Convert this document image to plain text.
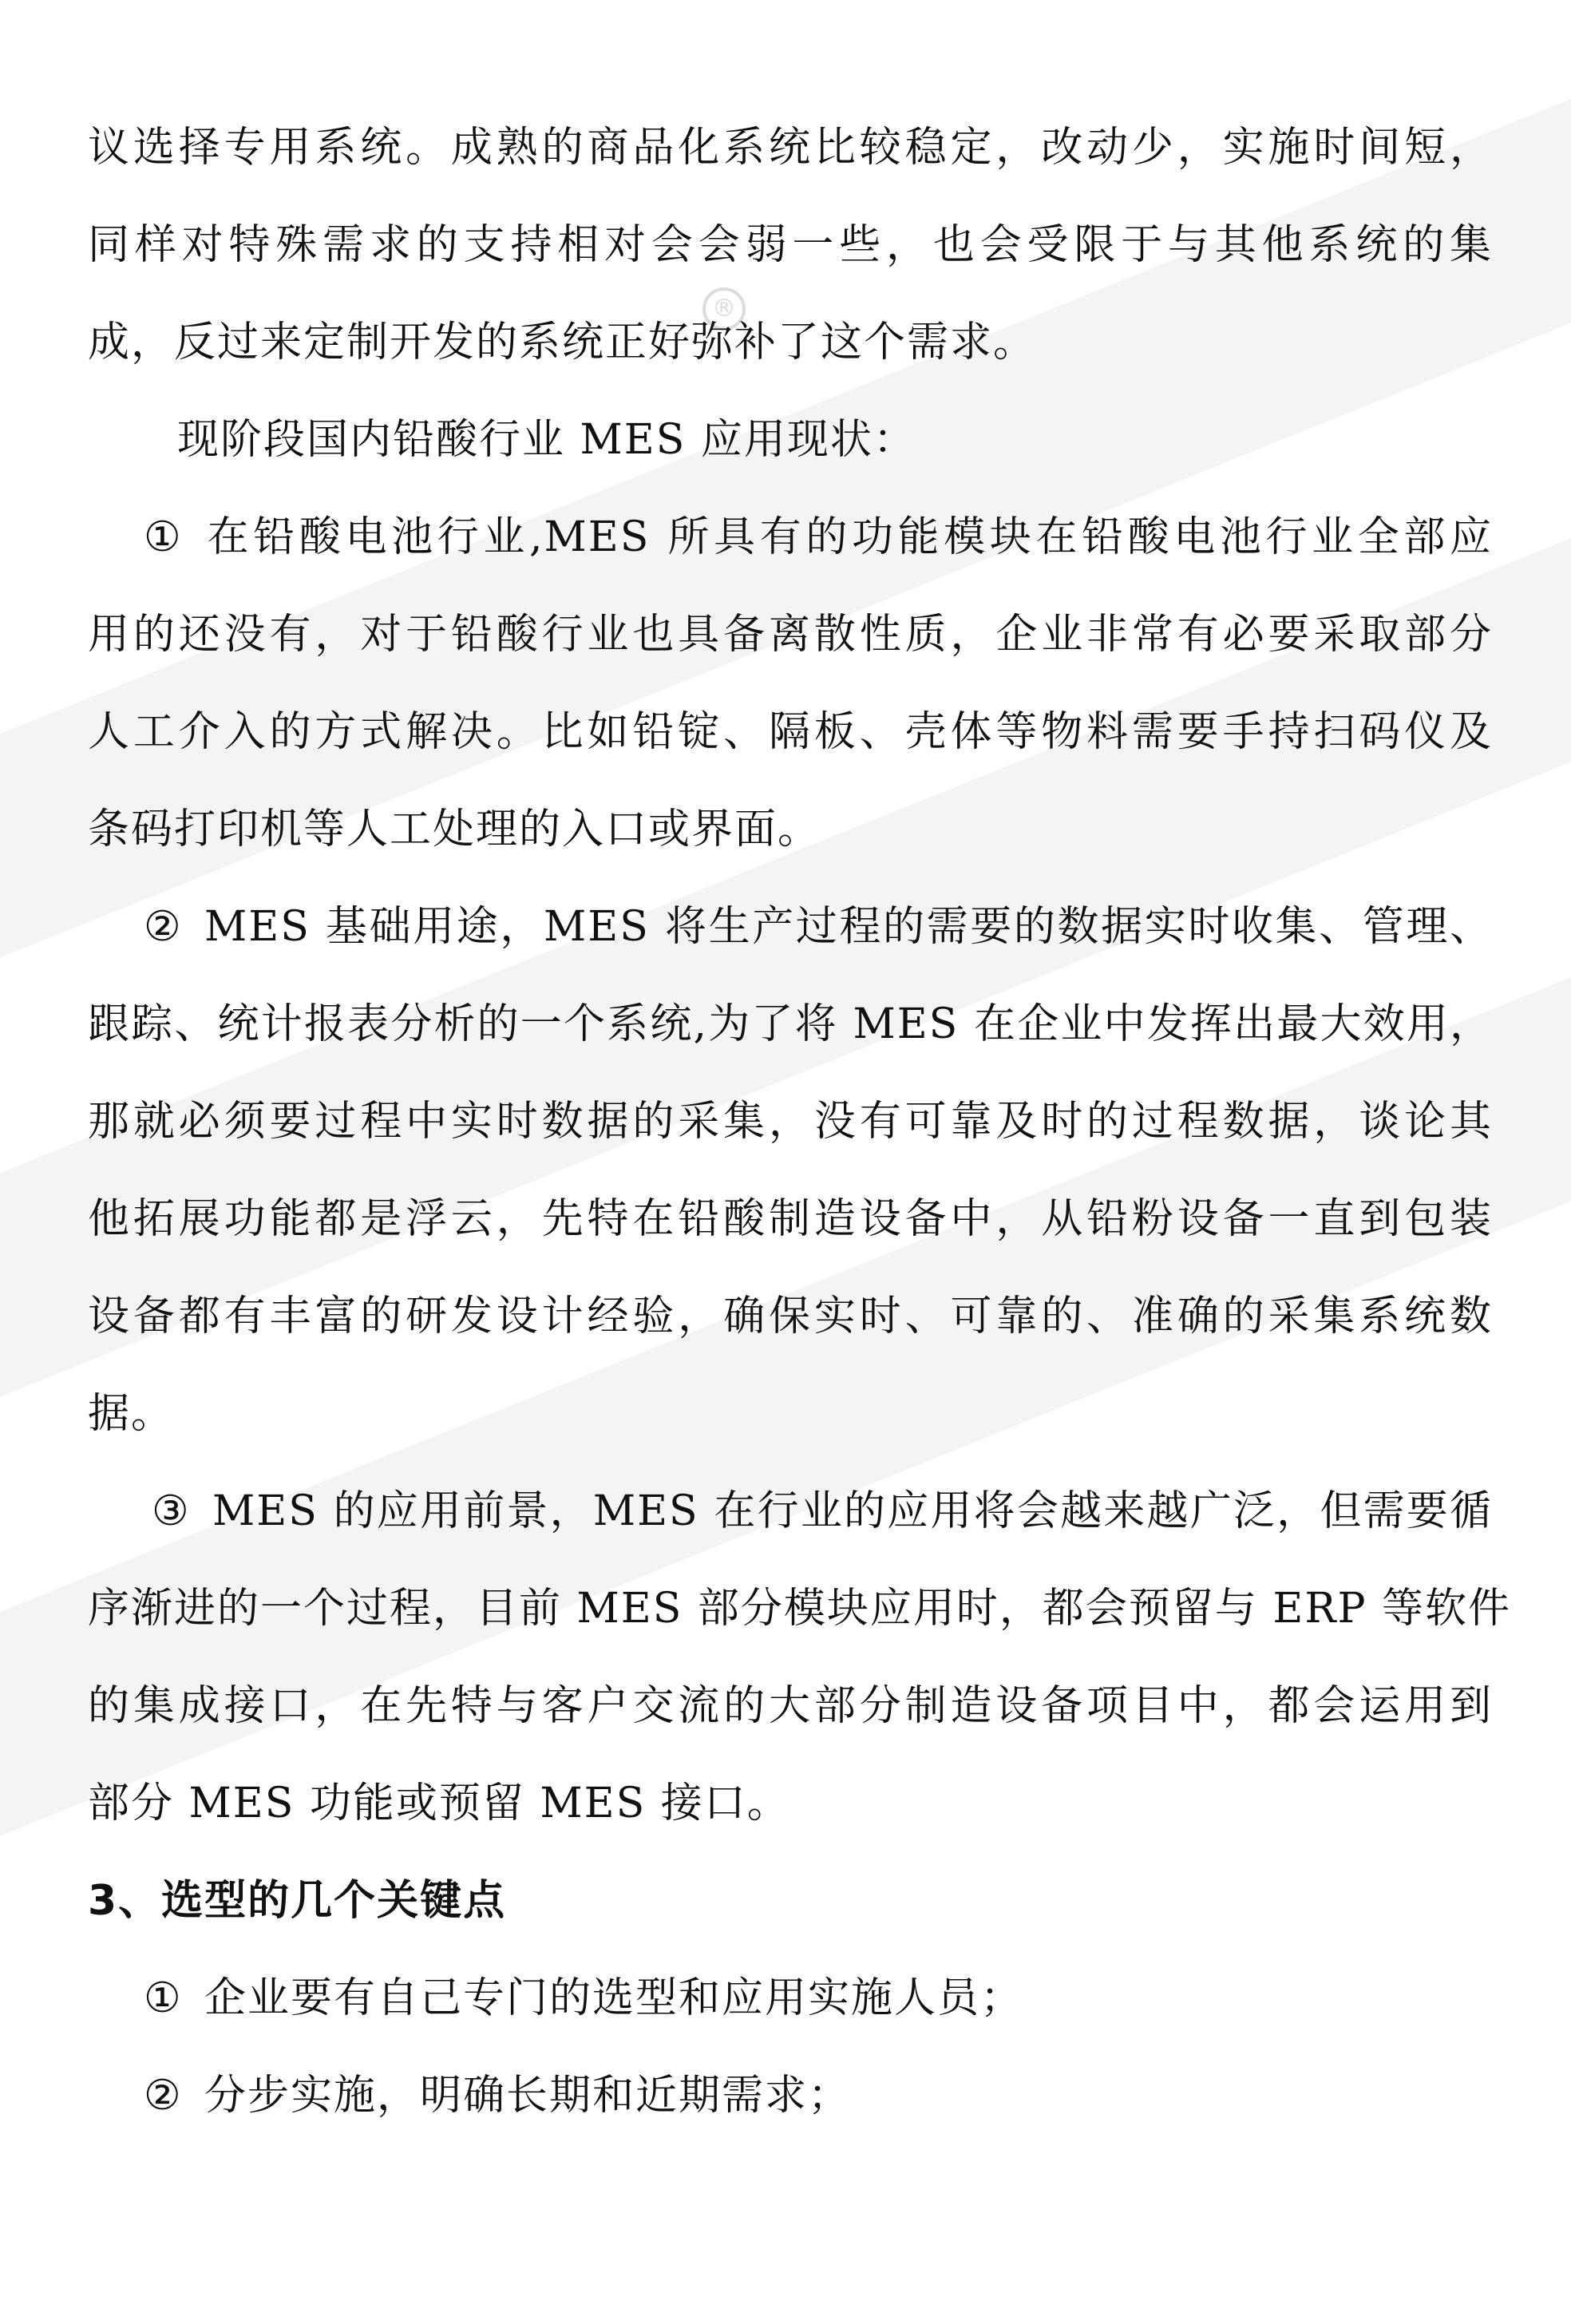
®
议选择专用系统。成熟的商品化系统比较稳定，改动少，实施时间短，
同样对特殊需求的支持相对会会弱一些，也会受限于与其他系统的集
成，反过来定制开发的系统正好弥补了这个需求。
现阶段国内铅酸行业 MES 应用现状：
① 在铅酸电池行业,MES 所具有的功能模块在铅酸电池行业全部应
用的还没有，对于铅酸行业也具备离散性质，企业非常有必要采取部分
人工介入的方式解决。比如铅锭、隔板、壳体等物料需要手持扫码仪及
条码打印机等人工处理的入口或界面。
② MES 基础用途，MES 将生产过程的需要的数据实时收集、管理、
跟踪、统计报表分析的一个系统,为了将 MES 在企业中发挥出最大效用，
那就必须要过程中实时数据的采集，没有可靠及时的过程数据，谈论其
他拓展功能都是浮云，先特在铅酸制造设备中，从铅粉设备一直到包装
设备都有丰富的研发设计经验，确保实时、可靠的、准确的采集系统数
据。
③ MES 的应用前景，MES 在行业的应用将会越来越广泛，但需要循
序渐进的一个过程，目前 MES 部分模块应用时，都会预留与 ERP 等软件
的集成接口，在先特与客户交流的大部分制造设备项目中，都会运用到
部分 MES 功能或预留 MES 接口。
3、选型的几个关键点
① 企业要有自己专门的选型和应用实施人员；
② 分步实施，明确长期和近期需求；
